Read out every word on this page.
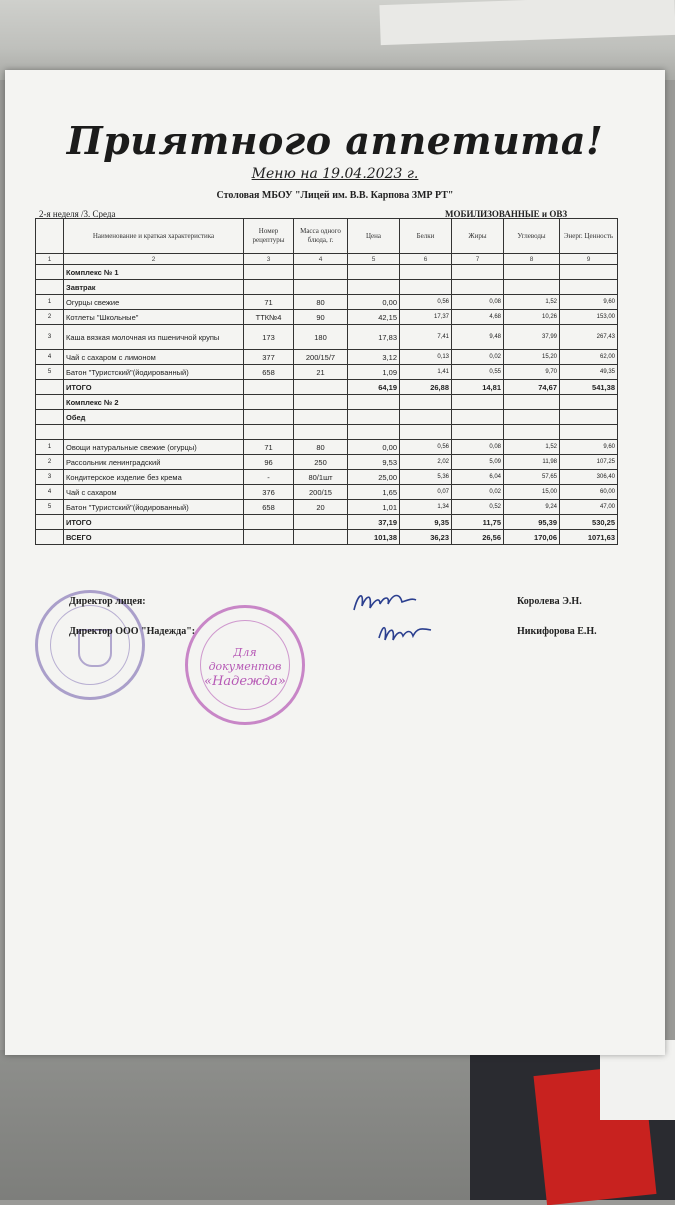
Приятного аппетита!
Меню на 19.04.2023 г.
Столовая МБОУ "Лицей им. В.В. Карпова ЗМР РТ"
2-я неделя /3. Среда	МОБИЛИЗОВАННЫЕ и ОВЗ
	Наименование и краткая характеристика	Номер рецептуры	Масса одного блюда, г.	Цена	Белки	Жиры	Углеводы	Энерг. Ценность
1	2	3	4	5	6	7	8	9
	Комплекс № 1							
	Завтрак							
1	Огурцы свежие	71	80	0,00	0,56	0,08	1,52	9,60
2	Котлеты "Школьные"	ТТК№4	90	42,15	17,37	4,68	10,26	153,00
3	Каша вязкая молочная из пшеничной крупы	173	180	17,83	7,41	9,48	37,99	267,43
4	Чай с сахаром с лимоном	377	200/15/7	3,12	0,13	0,02	15,20	62,00
5	Батон "Туристский"(йодированный)	658	21	1,09	1,41	0,55	9,70	49,35
	ИТОГО			64,19	26,88	14,81	74,67	541,38
	Комплекс № 2							
	Обед							

1	Овощи натуральные свежие (огурцы)	71	80	0,00	0,56	0,08	1,52	9,60
2	Рассольник ленинградский	96	250	9,53	2,02	5,09	11,98	107,25
3	Кондитерское изделие без крема	-	80/1шт	25,00	5,36	6,04	57,65	306,40
4	Чай с сахаром	376	200/15	1,65	0,07	0,02	15,00	60,00
5	Батон "Туристский"(йодированный)	658	20	1,01	1,34	0,52	9,24	47,00
	ИТОГО			37,19	9,35	11,75	95,39	530,25
	ВСЕГО			101,38	36,23	26,56	170,06	1071,63
Директор лицея:	Королева Э.Н.
Директор ООО "Надежда":	Никифорова Е.Н.
Для
документов
«Надежда»
